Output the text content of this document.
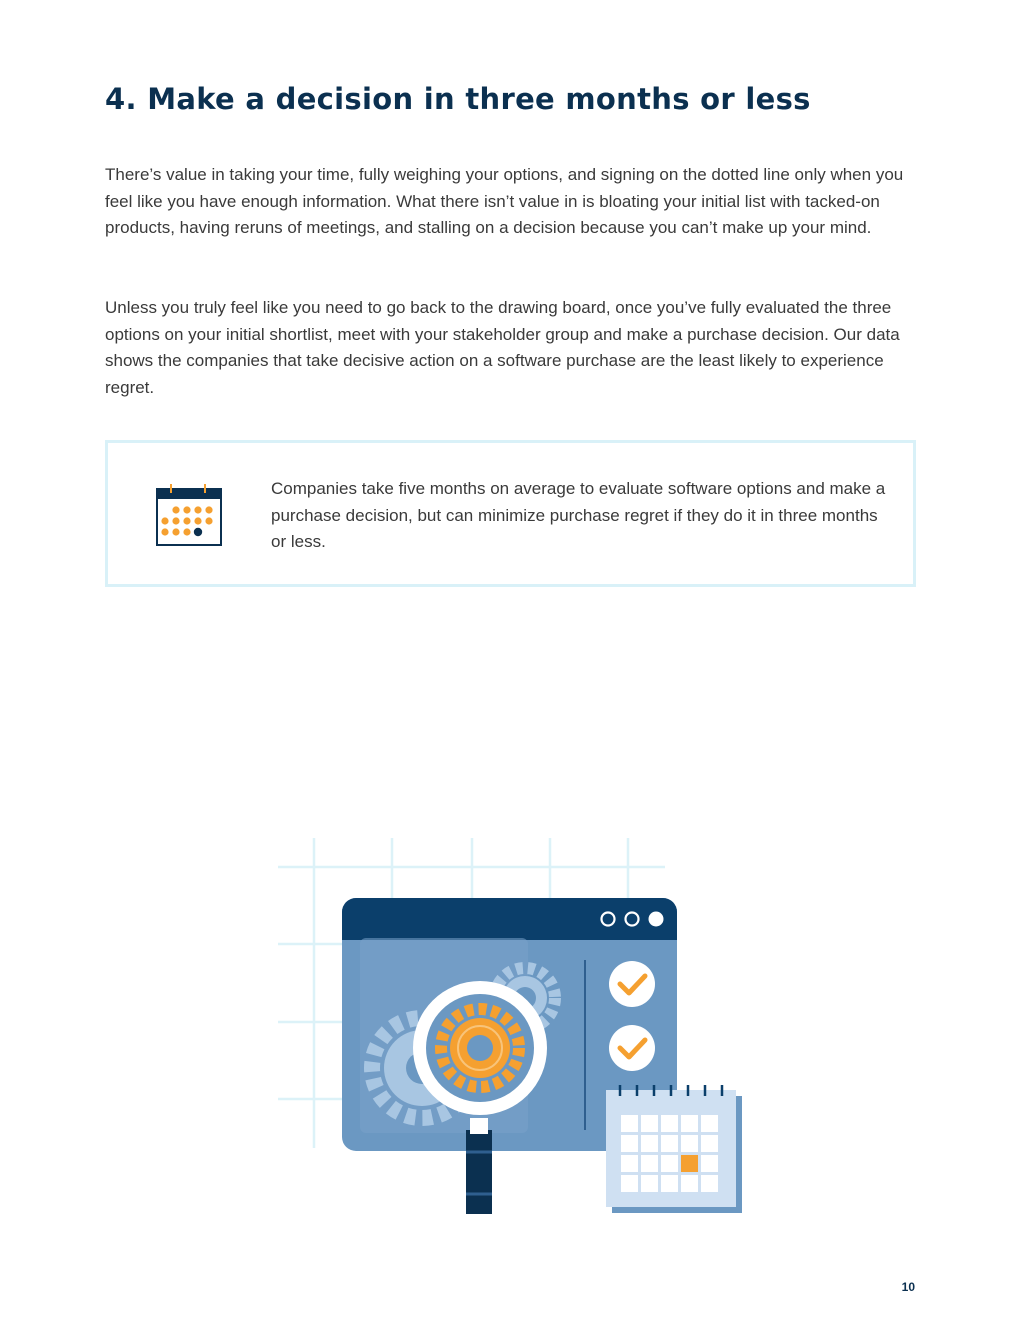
4. Make a decision in three months or less

There’s value in taking your time, fully weighing your options, and signing on the dotted line only when you feel like you have enough information. What there isn’t value in is bloating your initial list with tacked-on products, having reruns of meetings, and stalling on a decision because you can’t make up your mind.

Unless you truly feel like you need to go back to the drawing board, once you’ve fully evaluated the three options on your initial shortlist, meet with your stakeholder group and make a purchase decision. Our data shows the companies that take decisive action on a software purchase are the least likely to experience regret.

Companies take five months on average to evaluate software options and make a purchase decision, but can minimize purchase regret if they do it in three months or less.

10
